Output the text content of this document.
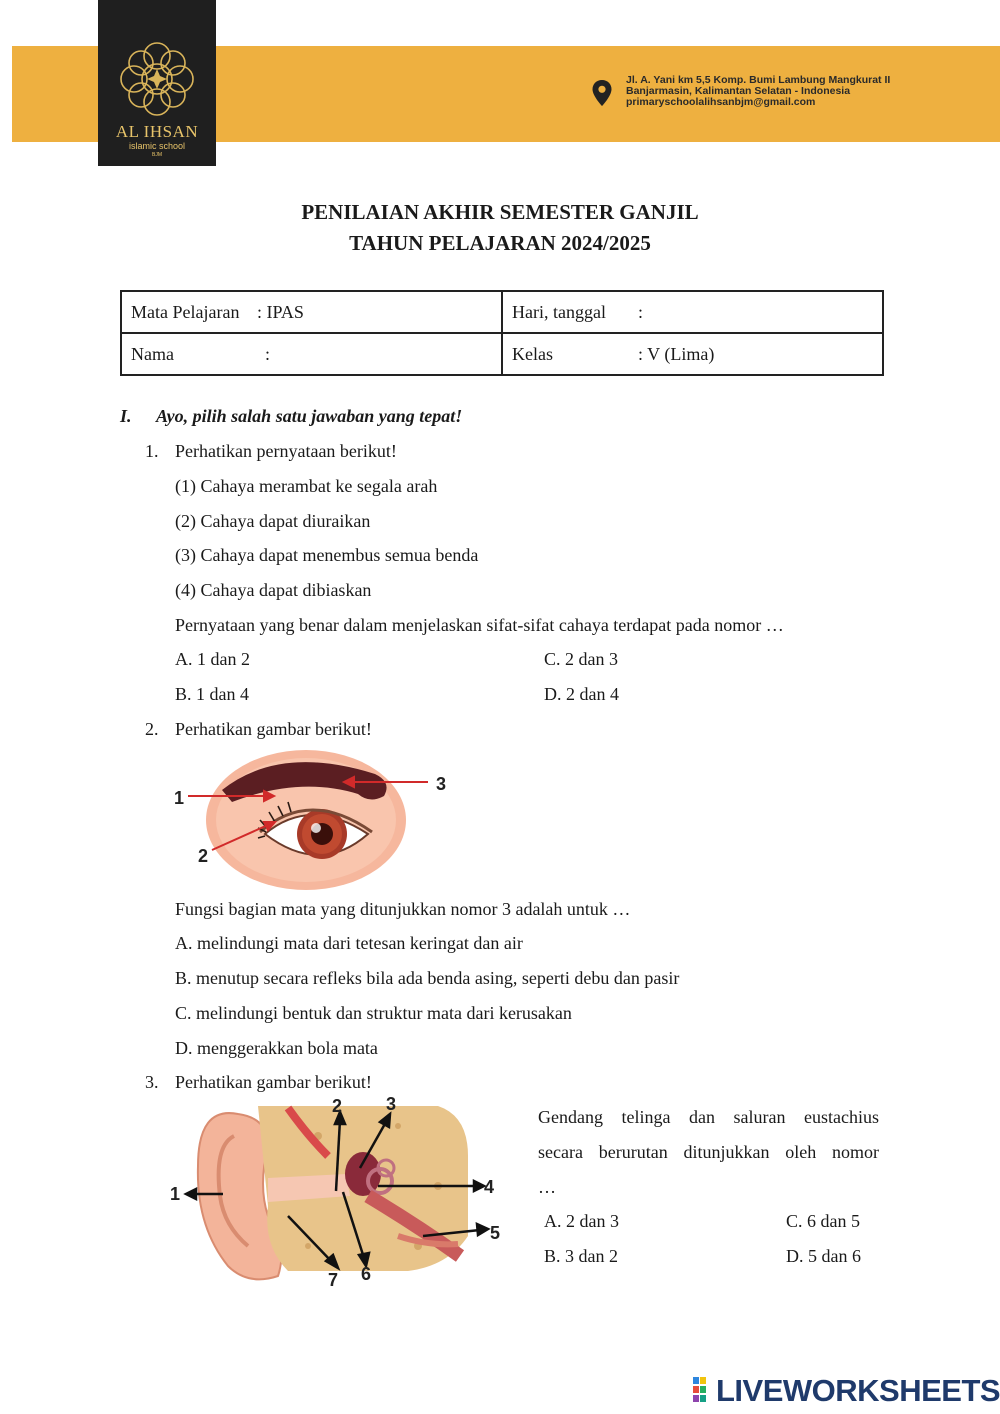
AL IHSAN
islamic school
BJM
Jl. A. Yani km 5,5 Komp. Bumi Lambung Mangkurat II
Banjarmasin, Kalimantan Selatan - Indonesia
primaryschoolalihsanbjm@gmail.com
PENILAIAN AKHIR SEMESTER GANJIL
TAHUN PELAJARAN 2024/2025
Mata Pelajaran : IPAS	Hari, tanggal :
Nama :	Kelas : V (Lima)
I. Ayo, pilih salah satu jawaban yang tepat!
1. Perhatikan pernyataan berikut!
(1) Cahaya merambat ke segala arah
(2) Cahaya dapat diuraikan
(3) Cahaya dapat menembus semua benda
(4) Cahaya dapat dibiaskan
Pernyataan yang benar dalam menjelaskan sifat-sifat cahaya terdapat pada nomor …
A. 1 dan 2	C. 2 dan 3
B. 1 dan 4	D. 2 dan 4
2. Perhatikan gambar berikut!
1
2
3
Fungsi bagian mata yang ditunjukkan nomor 3 adalah untuk …
A. melindungi mata dari tetesan keringat dan air
B. menutup secara refleks bila ada benda asing, seperti debu dan pasir
C. melindungi bentuk dan struktur mata dari kerusakan
D. menggerakkan bola mata
3. Perhatikan gambar berikut!
1
2 3
4
5
6
7
Gendang telinga dan saluran eustachius
secara berurutan ditunjukkan oleh nomor
…
A. 2 dan 3	C. 6 dan 5
B. 3 dan 2	D. 5 dan 6
LIVEWORKSHEETS
